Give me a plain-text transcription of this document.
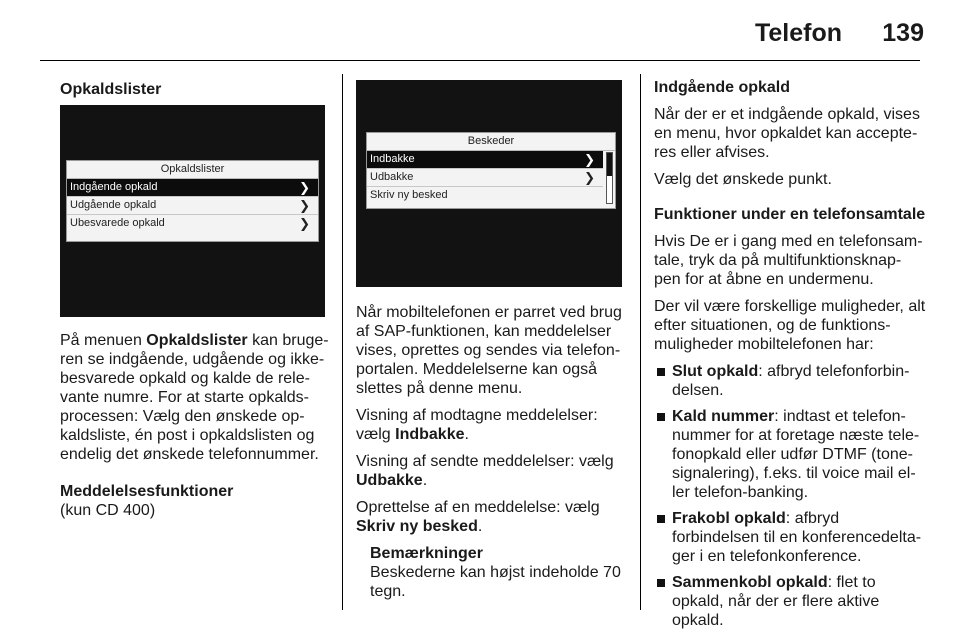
Telefon 139

Opkaldslister

Opkaldslister
Indgående opkald	❯
Udgående opkald	❯
Ubesvarede opkald	❯

På menuen Opkaldslister kan bruge-ren se indgående, udgående og ikke-besvarede opkald og kalde de rele-vante numre. For at starte opkalds-processen: Vælg den ønskede op-kaldsliste, én post i opkaldslisten og endelig det ønskede telefonnummer.

Meddelelsesfunktioner

(kun CD 400)

Beskeder
Indbakke	❯
Udbakke	❯
Skriv ny besked

Når mobiltelefonen er parret ved brug af SAP-funktionen, kan meddelelser vises, oprettes og sendes via telefon-portalen. Meddelelserne kan også slettes på denne menu.

Visning af modtagne meddelelser: vælg Indbakke.

Visning af sendte meddelelser: vælg Udbakke.

Oprettelse af en meddelelse: vælg Skriv ny besked.

Bemærkninger
Beskederne kan højst indeholde 70 tegn.

Indgående opkald

Når der er et indgående opkald, vises en menu, hvor opkaldet kan accepte-res eller afvises.

Vælg det ønskede punkt.

Funktioner under en telefonsamtale

Hvis De er i gang med en telefonsam-tale, tryk da på multifunktionsknap-pen for at åbne en undermenu.

Der vil være forskellige muligheder, alt efter situationen, og de funktions-muligheder mobiltelefonen har:

Slut opkald: afbryd telefonforbin-delsen.
Kald nummer: indtast et telefon-nummer for at foretage næste tele-fonopkald eller udfør DTMF (tone-signalering), f.eks. til voice mail el-ler telefon-banking.
Frakobl opkald: afbryd forbindelsen til en konferencedelta-ger i en telefonkonference.
Sammenkobl opkald: flet to opkald, når der er flere aktive opkald.
